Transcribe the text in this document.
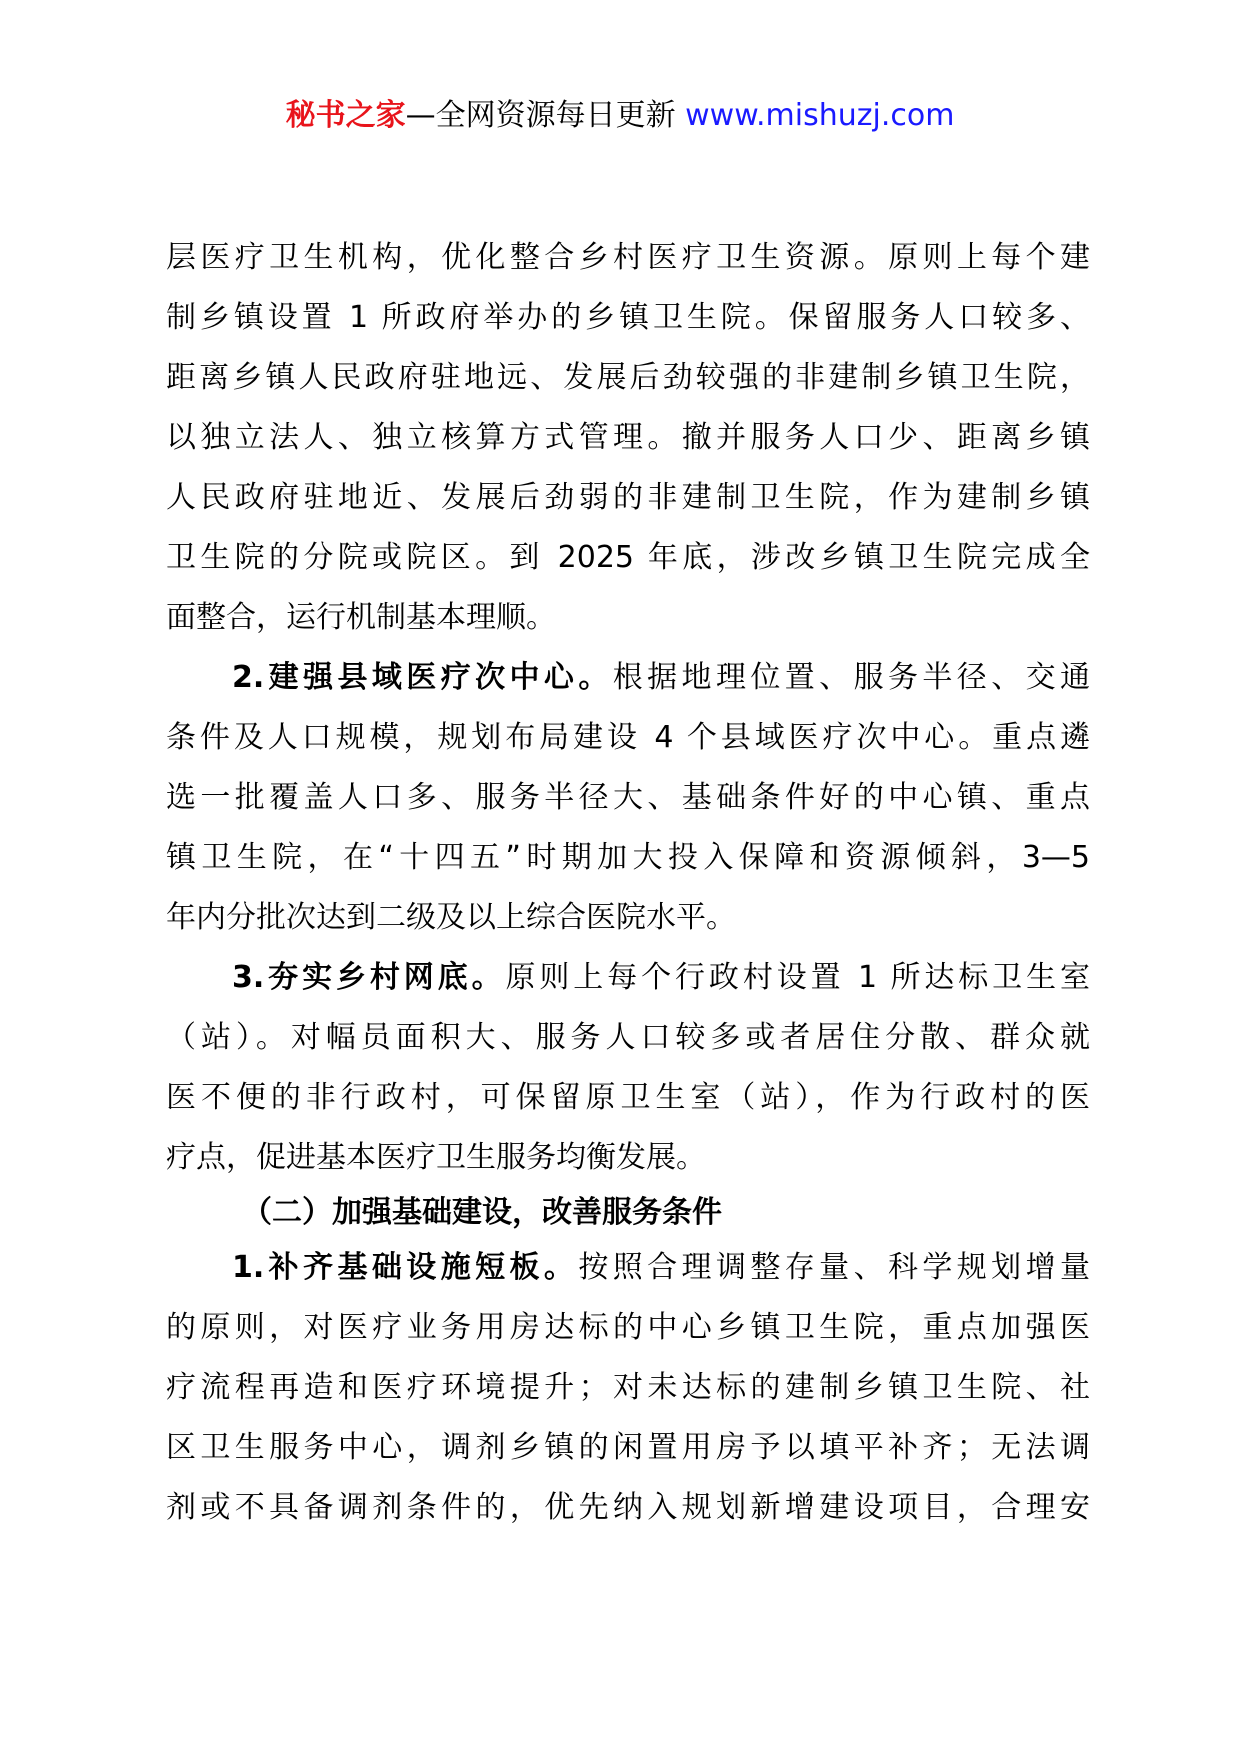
秘书之家—全网资源每日更新 www.mishuzj.com
层医疗卫生机构，优化整合乡村医疗卫生资源。原则上每个建
制乡镇设置 1 所政府举办的乡镇卫生院。保留服务人口较多、
距离乡镇人民政府驻地远、发展后劲较强的非建制乡镇卫生院，
以独立法人、独立核算方式管理。撤并服务人口少、距离乡镇
人民政府驻地近、发展后劲弱的非建制卫生院，作为建制乡镇
卫生院的分院或院区。到 2025 年底，涉改乡镇卫生院完成全
面整合，运行机制基本理顺。
2.建强县域医疗次中心。根据地理位置、服务半径、交通
条件及人口规模，规划布局建设 4 个县域医疗次中心。重点遴
选一批覆盖人口多、服务半径大、基础条件好的中心镇、重点
镇卫生院，在“十四五”时期加大投入保障和资源倾斜，3—5
年内分批次达到二级及以上综合医院水平。
3.夯实乡村网底。原则上每个行政村设置 1 所达标卫生室
（站）。对幅员面积大、服务人口较多或者居住分散、群众就
医不便的非行政村，可保留原卫生室（站），作为行政村的医
疗点，促进基本医疗卫生服务均衡发展。
（二）加强基础建设，改善服务条件
1.补齐基础设施短板。按照合理调整存量、科学规划增量
的原则，对医疗业务用房达标的中心乡镇卫生院，重点加强医
疗流程再造和医疗环境提升；对未达标的建制乡镇卫生院、社
区卫生服务中心，调剂乡镇的闲置用房予以填平补齐；无法调
剂或不具备调剂条件的，优先纳入规划新增建设项目，合理安
